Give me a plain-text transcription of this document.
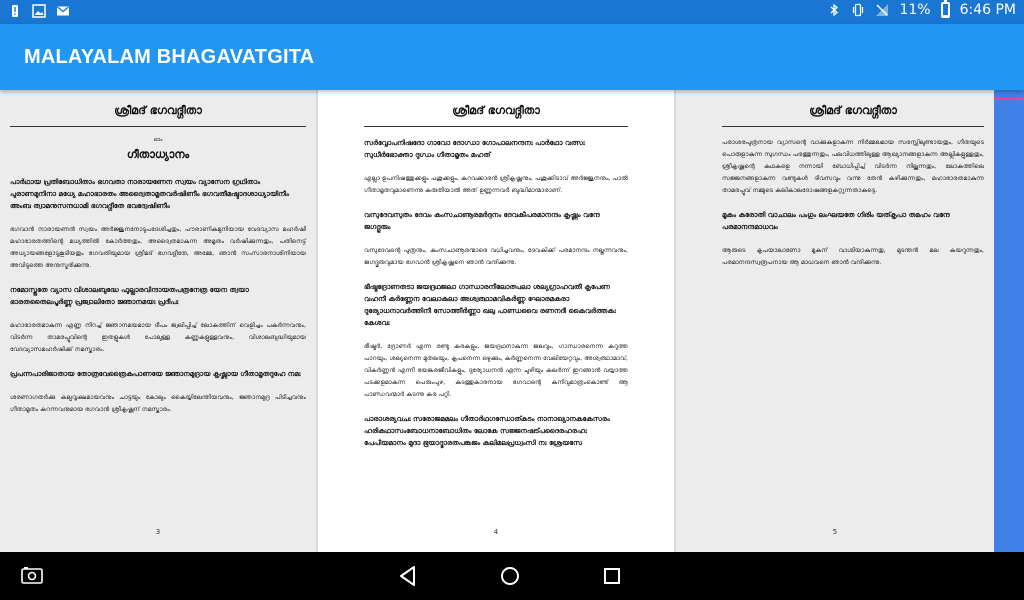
11% 6:46 PM
MALAYALAM BHAGAVATGITA
ശ്രീമദ് ഭഗവദ്ഗീതാ
ഓം
ഗീതാധ്യാനം
പാർഥായ പ്രതിബോധിതാം ഭഗവതാ നാരായണേന സ്വയം വ്യാസേന ഗ്രഥിതാം പുരാണമുനിനാ മധ്യേ മഹാഭാരതം അദ്വൈതാമൃതവർഷിണീം ഭഗവതീമഷ്ടാദശാധ്യായിനീം അംബ ത്വാമനുസന്ദധാമി ഭഗവദ്ഗീതേ ഭവദ്വേഷിണീം
ഭഗവാൻ നാരായണൻ സ്വയം അർജ്ജുനനോടുപദേശിച്ചതും, പൗരാണികമുനിയായ വേദവ്യാസ മഹർഷി മഹാഭാരതത്തിന്റെ മധ്യത്തിൽ കോർത്തതും, അദ്വൈതമാകുന്ന അമൃതം വർഷിക്കുന്നതും, പതിനെട്ട് അധ്യായങ്ങളോടുകൂടിയതും ഭഗവതിയുമായ ശ്രീമദ് ഭഗവദ്ഗീതേ, അമ്മേ, ഞാൻ സംസാരനാശിനിയായ അവിടുത്തെ അനുസ്മരിക്കുന്നു.
നമോസ്തുതേ വ്യാസ വിശാലബുദ്ധേ ഫുല്ലാരവിന്ദായതപത്രനേത്ര യേന ത്വയാ ഭാരതതൈലപൂർണ്ണ പ്രജ്വാലിതോ ജ്ഞാനമയഃ പ്രദീപഃ
മഹാഭാരതമാകുന്ന എണ്ണ നിറച്ച് ജ്ഞാനമയമായ ദീപം ജ്വലിപ്പിച്ച് ലോകത്തിന് വെളിച്ചം പകർന്നവനും, വിടർന്ന താമരപ്പൂവിന്റെ ഇതളുകൾ പോലുള്ള കണ്ണുകളുള്ളവനും, വിശാലബുദ്ധിയുമായ വേദവ്യാസമഹർഷിക്ക് നമസ്കാരം.
പ്രപന്നപാരിജാതായ തോത്രവേത്രൈകപാണയേ ജ്ഞാനമുദ്രായ കൃഷ്ണായ ഗീതാമൃതദുഹേ നമഃ
ശരണാഗതർക്കു കല്പവൃക്ഷമായവനും ചാട്ടയും കോലും കൈയ്യിലേന്തിയവനും, ജ്ഞാനമുദ്ര പിടിച്ചവനും ഗീതാമൃതം കറന്നവനുമായ ഭഗവാൻ ശ്രീകൃഷ്ണന് നമസ്കാരം.
3
ശ്രീമദ് ഭഗവദ്ഗീതാ
സർവ്വോപനിഷദോ ഗാവോ ദോഗ്ധാ ഗോപാലനന്ദനഃ പാർഥോ വത്സഃ സുധീർഭോക്താ ദുഗ്ധം ഗീതാമൃതം മഹത്
എല്ലാ ഉപനിഷത്തുക്കളും പശുക്കളും, കറവക്കാരൻ ശ്രീകൃഷ്ണനും, പശുക്കിടാവ് അർജ്ജുനനും, പാൽ ഗീതാമൃതവുമാണെന്നു കരുതിയാൽ അത് ഉണ്ണുന്നവർ ബുദ്ധിമാന്മാരാണ്.
വസുദേവസുതം ദേവം കംസചാണൂരമർദ്ദനം ദേവകീപരമാനന്ദം കൃഷ്ണം വന്ദേ ജഗദ്ഗുരും
വസുദേവന്റെ പുത്രനും, കംസചാണൂരന്മാരെ വധിച്ചവനും, ദേവകിക്ക് പരമാനന്ദം നല്കുന്നവനും, ജഗദ്ഗുരുവുമായ ഭഗവാൻ ശ്രീകൃഷ്ണനെ ഞാൻ വന്ദിക്കുന്നു.
ഭീഷ്മദ്രോണതടാ ജയദ്രഥജലാ ഗാന്ധാരനീലോത്പലാ ശല്യഗ്രാഹവതീ കൃപേണ വഹനീ കർണ്ണേന വേലാകുലാ അശ്വത്ഥാമവികർണ്ണ ഘോരമകരാ ദുര്യോധനാവർത്തിനീ സോത്തീർണ്ണാ ഖലു പാണ്ഡവൈ രണനദീ കൈവർത്തകഃ കേശവഃ
ഭീഷ്മർ, ദ്രോണർ എന്ന രണ്ടു കരകളും, ജയദ്രഥനാകുന്ന ജലവും, ഗാന്ധാരനെന്ന കറുത്ത പാറയും, ശല്യനെന്ന മുതലയും, കൃപനെന്ന ഒഴുക്കും, കർണ്ണനെന്ന വേലിയേറ്റവും, അശ്വത്ഥാമാവ്, വികർണ്ണൻ എന്നീ ഭയങ്കരജീവികളും, ദുര്യോധനൻ എന്ന ചുഴിയും കലർന്ന് ഇറങ്ങാൻ വയ്യാത്ത പടക്കളമാകുന്ന പെരുംപുഴ, കടത്തുകാരനായ ഭഗവാന്റെ കനിവുമാത്രംകൊണ്ട് ആ പാണ്ഡവന്മാർ കടന്നു കര പറ്റി.
പാരാശര്യവചഃ സരോജമമലം ഗീതാർഥഗന്ധോത്കടം നാനാഖ്യാനകകേസരം ഹരികഥാസംബോധനാബോധിതം ലോകേ സജ്ജനഷട്പദൈരഹരഹഃ പേപീയമാനം മുദാ ഭൂയാദ്ഭാരതപങ്കജം കലിമലപ്രധ്വംസി നഃ ശ്രേയസേ
4
ശ്രീമദ് ഭഗവദ്ഗീതാ
പരാശരപുത്രനായ വ്യാസന്റെ വാക്കുകളാകുന്ന നിർമ്മലമായ സരസ്സിലുണ്ടായതും, ഗീതയുടെ പൊരുളാകുന്ന സുഗന്ധം പരത്തുന്നതും, പലവിധത്തിലുള്ള ആഖ്യാനങ്ങളാകുന്ന അല്ലികളുള്ളതും, ശ്രീകൃഷ്ണന്റെ കഥകളെ നന്നായി ബോധിപ്പിച്ച് വിടർന്ന നില്ക്കുന്നതും, ലോകത്തിലെ സജ്ജനങ്ങളാകുന്ന വണ്ടുകൾ ദിവസവും വന്നു തേൻ കഴിക്കുന്നതും, മഹാഭാരതമാകുന്ന താമരപ്പൂവ് നമ്മുടെ കലികാലദോഷങ്ങളകറ്റുന്നതാകട്ടെ.
മൂകം കരോതി വാചാലം പംഗും ലംഘയതേ ഗിരിം യത്കൃപാ തമഹം വന്ദേ പരമാനന്ദമാധവം
ആരുടെ കൃപയാലാണോ മൂകന് വാഗ്മിയാകുന്നതു, മുടന്തൻ മല കയറുന്നതും, പരമാനന്ദസ്വരൂപനായ ആ മാധവനെ ഞാൻ വന്ദിക്കുന്നു.
5
